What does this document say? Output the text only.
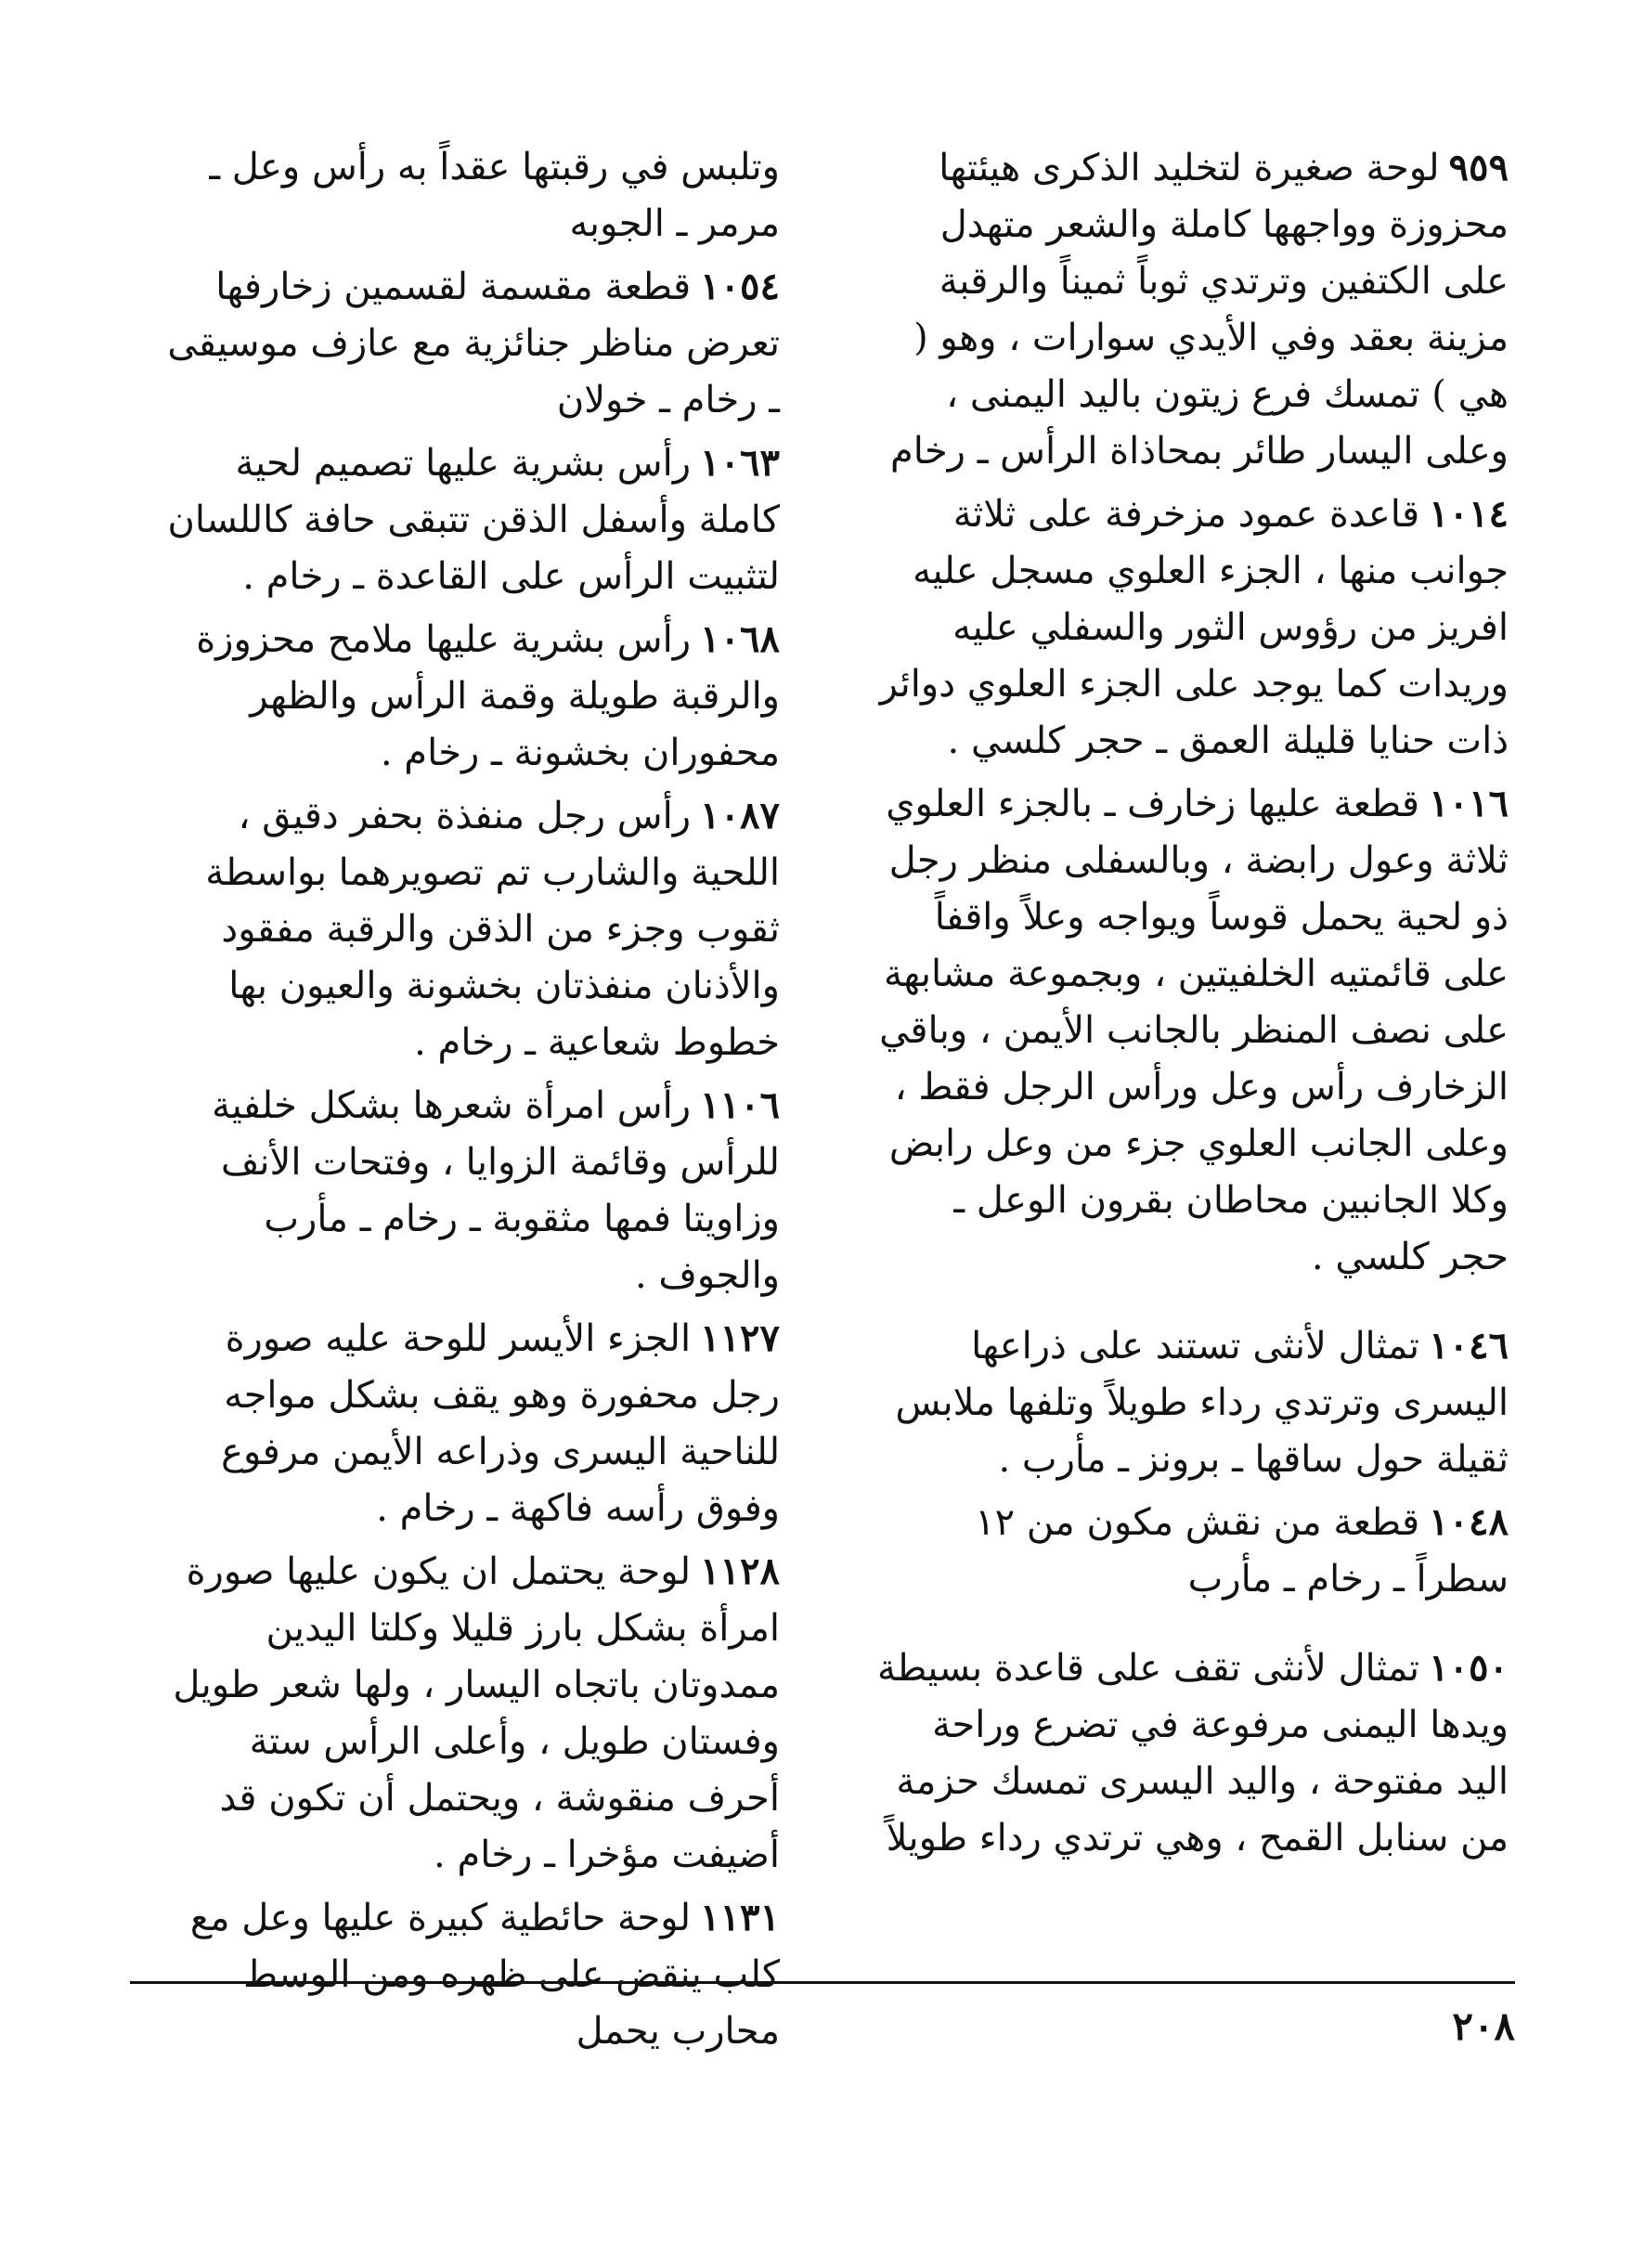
٩٥٩لوحة صغيرة لتخليد الذكرى هيئتها محزوزة وواجهها كاملة والشعر متهدل على الكتفين وترتدي ثوباً ثميناً والرقبة مزينة بعقد وفي الأيدي سوارات ، وهو ( هي ) تمسك فرع زيتون باليد اليمنى ، وعلى اليسار طائر بمحاذاة الرأس ـ رخام

١٠١٤قاعدة عمود مزخرفة على ثلاثة جوانب منها ، الجزء العلوي مسجل عليه افريز من رؤوس الثور والسفلي عليه وريدات كما يوجد على الجزء العلوي دوائر ذات حنايا قليلة العمق ـ حجر كلسي .

١٠١٦قطعة عليها زخارف ـ بالجزء العلوي ثلاثة وعول رابضة ، وبالسفلى منظر رجل ذو لحية يحمل قوساً ويواجه وعلاً واقفاً على قائمتيه الخلفيتين ، وبجموعة مشابهة على نصف المنظر بالجانب الأيمن ، وباقي الزخارف رأس وعل ورأس الرجل فقط ، وعلى الجانب العلوي جزء من وعل رابض وكلا الجانبين محاطان بقرون الوعل ـ حجر كلسي .

١٠٤٦تمثال لأنثى تستند على ذراعها اليسرى وترتدي رداء طويلاً وتلفها ملابس ثقيلة حول ساقها ـ برونز ـ مأرب .

١٠٤٨قطعة من نقش مكون من ١٢ سطراً ـ رخام ـ مأرب

١٠٥٠تمثال لأنثى تقف على قاعدة بسيطة ويدها اليمنى مرفوعة في تضرع وراحة اليد مفتوحة ، واليد اليسرى تمسك حزمة من سنابل القمح ، وهي ترتدي رداء طويلاً

وتلبس في رقبتها عقداً به رأس وعل ـ مرمر ـ الجوبه

١٠٥٤قطعة مقسمة لقسمين زخارفها تعرض مناظر جنائزية مع عازف موسيقى ـ رخام ـ خولان

١٠٦٣رأس بشرية عليها تصميم لحية كاملة وأسفل الذقن تتبقى حافة كاللسان لتثبيت الرأس على القاعدة ـ رخام .

١٠٦٨رأس بشرية عليها ملامح محزوزة والرقبة طويلة وقمة الرأس والظهر محفوران بخشونة ـ رخام .

١٠٨٧رأس رجل منفذة بحفر دقيق ، اللحية والشارب تم تصويرهما بواسطة ثقوب وجزء من الذقن والرقبة مفقود والأذنان منفذتان بخشونة والعيون بها خطوط شعاعية ـ رخام .

١١٠٦رأس امرأة شعرها بشكل خلفية للرأس وقائمة الزوايا ، وفتحات الأنف وزاويتا فمها مثقوبة ـ رخام ـ مأرب والجوف .

١١٢٧الجزء الأيسر للوحة عليه صورة رجل محفورة وهو يقف بشكل مواجه للناحية اليسرى وذراعه الأيمن مرفوع وفوق رأسه فاكهة ـ رخام .

١١٢٨لوحة يحتمل ان يكون عليها صورة امرأة بشكل بارز قليلا وكلتا اليدين ممدوتان باتجاه اليسار ، ولها شعر طويل وفستان طويل ، وأعلى الرأس ستة أحرف منقوشة ، ويحتمل أن تكون قد أضيفت مؤخرا ـ رخام .

١١٣١لوحة حائطية كبيرة عليها وعل مع كلب ينقض على ظهره ومن الوسط محارب يحمل	٢٠٨
